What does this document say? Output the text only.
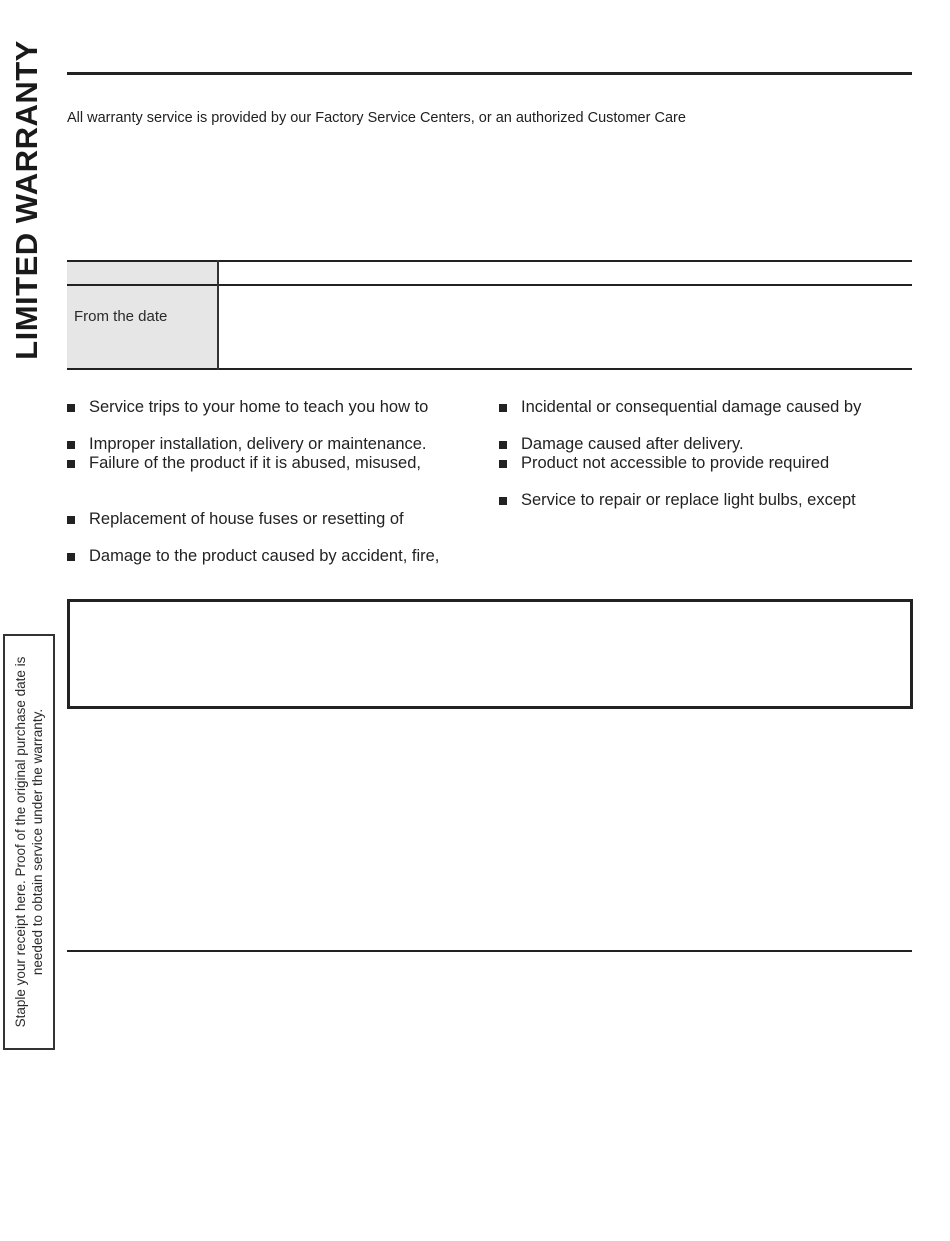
LIMITED WARRANTY All warranty service is provided by our Factory Service Centers, or an authorized Customer Care
From the date
Service trips to your home to teach you how to
Improper installation, delivery or maintenance.
Failure of the product if it is abused, misused,
Replacement of house fuses or resetting of
Damage to the product caused by accident, fire,
Incidental or consequential damage caused by
Damage caused after delivery.
Product not accessible to provide required
Service to repair or replace light bulbs, except
Staple your receipt here. Proof of the original purchase date is needed to obtain service under the warranty.
